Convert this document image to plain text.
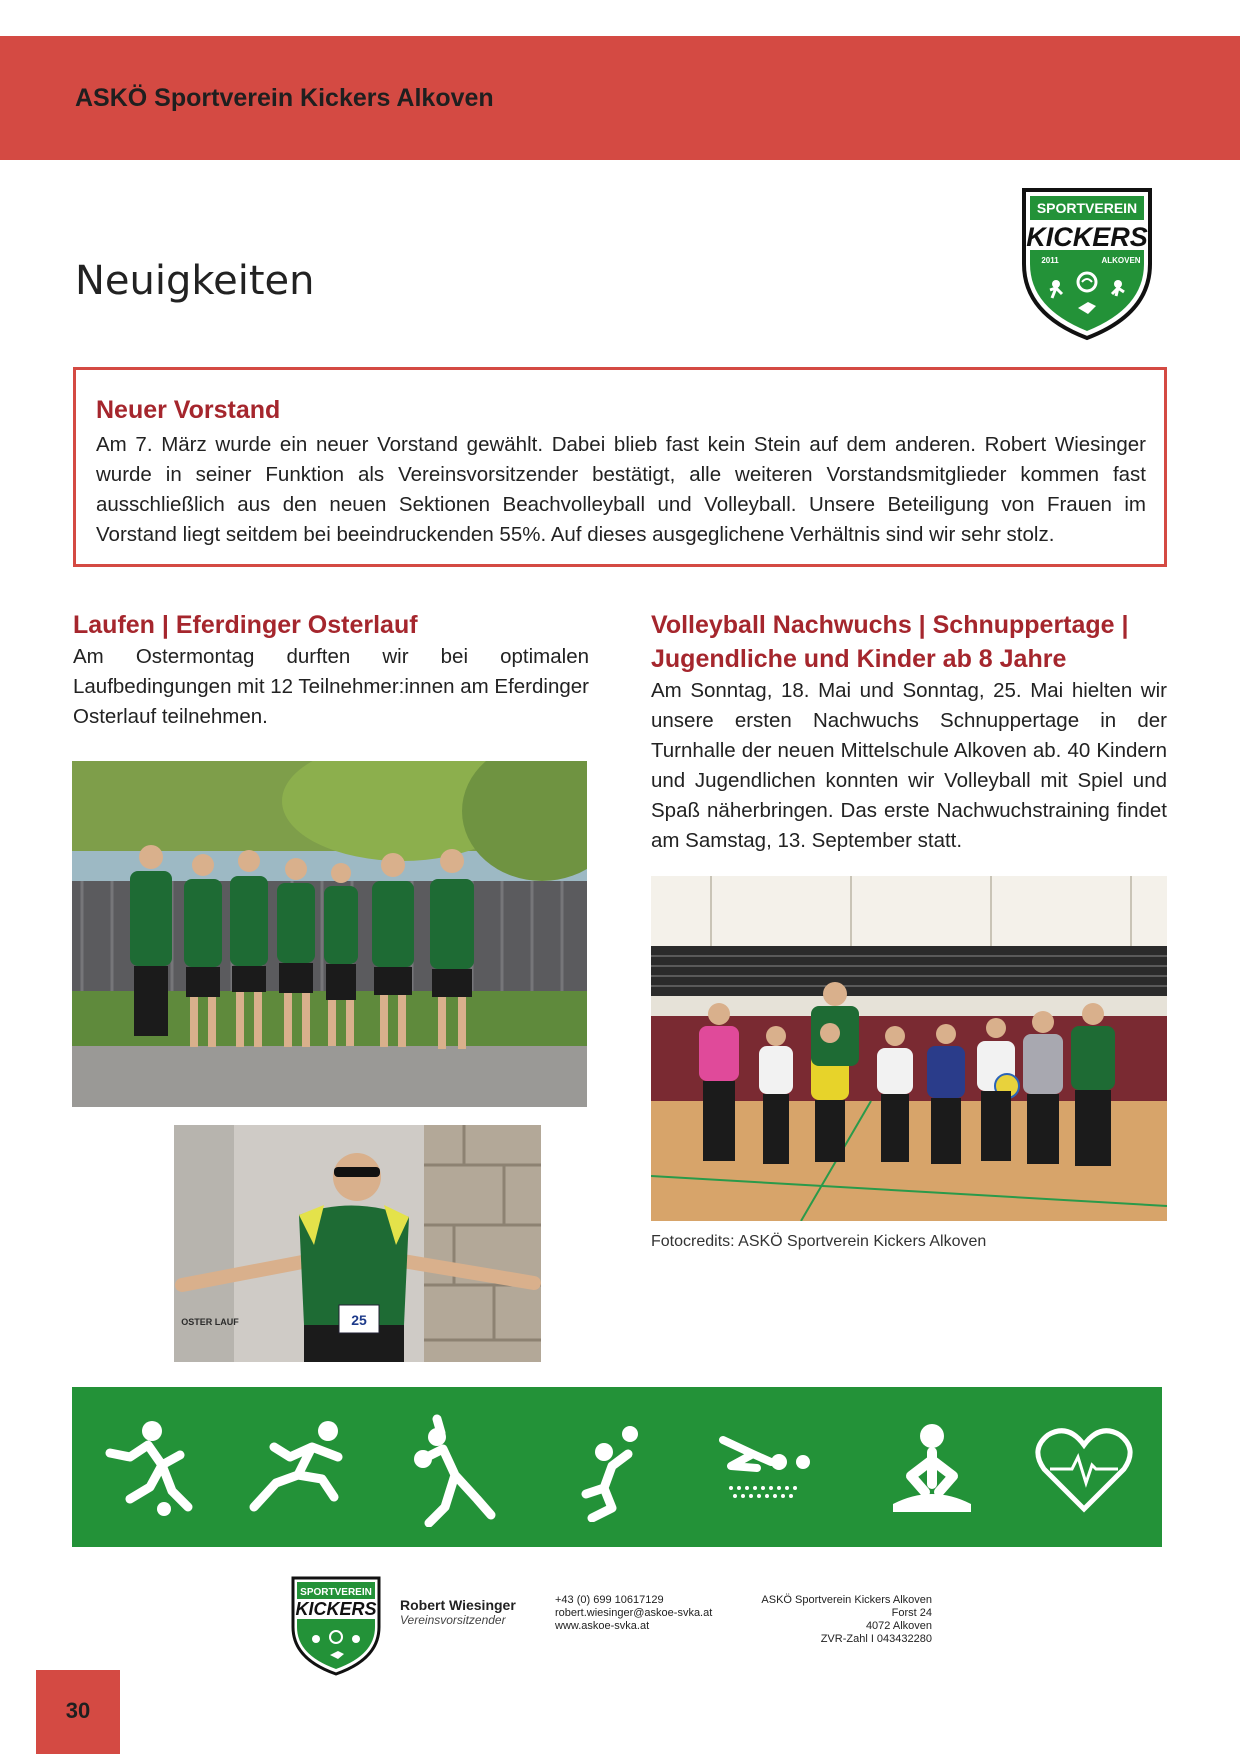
ASKÖ Sportverein Kickers Alkoven
Neuigkeiten
SPORTVEREIN
KICKERS
2011	ALKOVEN
Neuer Vorstand

Am 7. März wurde ein neuer Vorstand gewählt. Dabei blieb fast kein Stein auf dem anderen. Robert Wiesinger wurde in seiner Funktion als Vereinsvorsitzender bestätigt, alle weiteren Vorstandsmitglieder kommen fast ausschließlich aus den neuen Sektionen Beachvolleyball und Volleyball. Unsere Beteiligung von Frauen im Vorstand liegt seitdem bei beeindruckenden 55%. Auf dieses ausgeglichene Verhältnis sind wir sehr stolz.

Laufen | Eferdinger Osterlauf
Am Ostermontag durften wir bei optimalen Laufbedingungen mit 12 Teilnehmer:innen am Eferdinger Osterlauf teilnehmen.
Volleyball Nachwuchs | Schnuppertage | Jugendliche und Kinder ab 8 Jahre
Am Sonntag, 18. Mai und Sonntag, 25. Mai hielten wir unsere ersten Nachwuchs Schnuppertage in der Turnhalle der neuen Mittelschule Alkoven ab. 40 Kindern und Jugendlichen konnten wir Volleyball mit Spiel und Spaß näherbringen. Das erste Nachwuchstraining findet am Samstag, 13. September statt.
25
OSTER LAUF
Fotocredits: ASKÖ Sportverein Kickers Alkoven
SPORTVEREIN
KICKERS Robert Wiesinger
Vereinsvorsitzender
+43 (0) 699 10617129
robert.wiesinger@askoe-svka.at
www.askoe-svka.at
ASKÖ Sportverein Kickers Alkoven
Forst 24
4072 Alkoven
ZVR-Zahl I 043432280
30
